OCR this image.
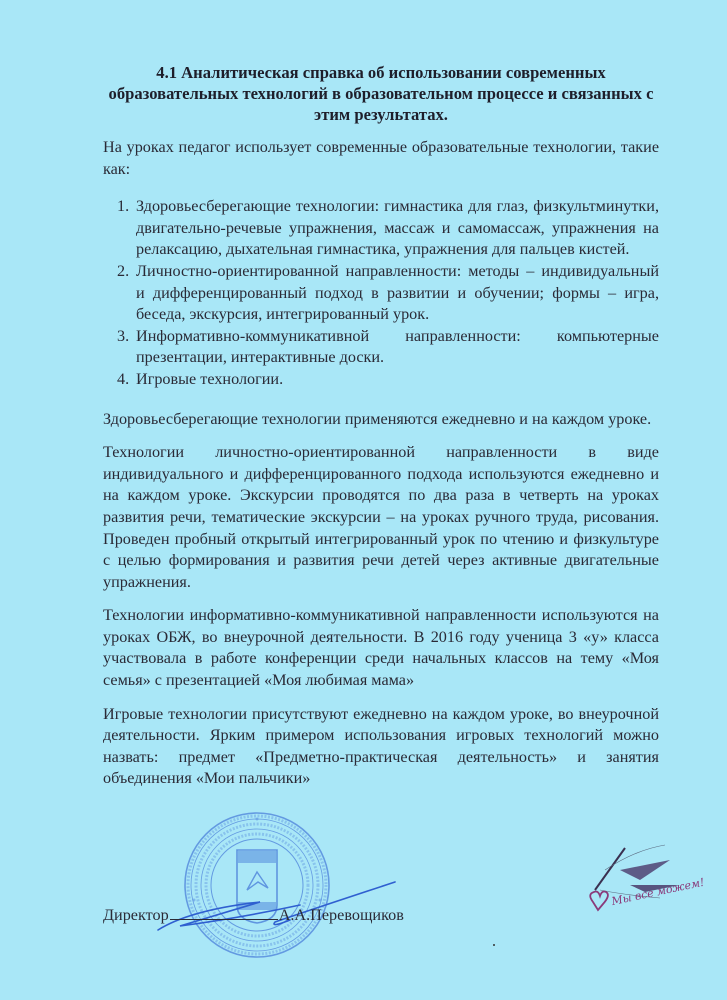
4.1 Аналитическая справка об использовании современных образовательных технологий в образовательном процессе и связанных с этим результатах.
На уроках педагог использует современные образовательные технологии, такие как:
1. Здоровьесберегающие технологии: гимнастика для глаз, физкультминутки, двигательно-речевые упражнения, массаж и самомассаж, упражнения на релаксацию, дыхательная гимнастика, упражнения для пальцев кистей.
2. Личностно-ориентированной направленности: методы – индивидуальный и дифференцированный подход в развитии и обучении; формы – игра, беседа, экскурсия, интегрированный урок.
3. Информативно-коммуникативной направленности: компьютерные презентации, интерактивные доски.
4. Игровые технологии.
Здоровьесберегающие технологии применяются ежедневно и на каждом уроке.
Технологии личностно-ориентированной направленности в виде индивидуального и дифференцированного подхода используются ежедневно и на каждом уроке. Экскурсии проводятся по два раза в четверть на уроках развития речи, тематические экскурсии – на уроках ручного труда, рисования. Проведен пробный открытый интегрированный урок по чтению и физкультуре с целью формирования и развития речи детей через активные двигательные упражнения.
Технологии информативно-коммуникативной направленности используются на уроках ОБЖ, во внеурочной деятельности. В 2016 году ученица 3 «у» класса участвовала в работе конференции среди начальных классов на тему «Моя семья» с презентацией «Моя любимая мама»
Игровые технологии присутствуют ежедневно на каждом уроке, во внеурочной деятельности. Ярким примером использования игровых технологий можно назвать: предмет «Предметно-практическая деятельность» и занятия объединения «Мои пальчики»
Директор	А.А.Перевощиков
Мы все можем!
